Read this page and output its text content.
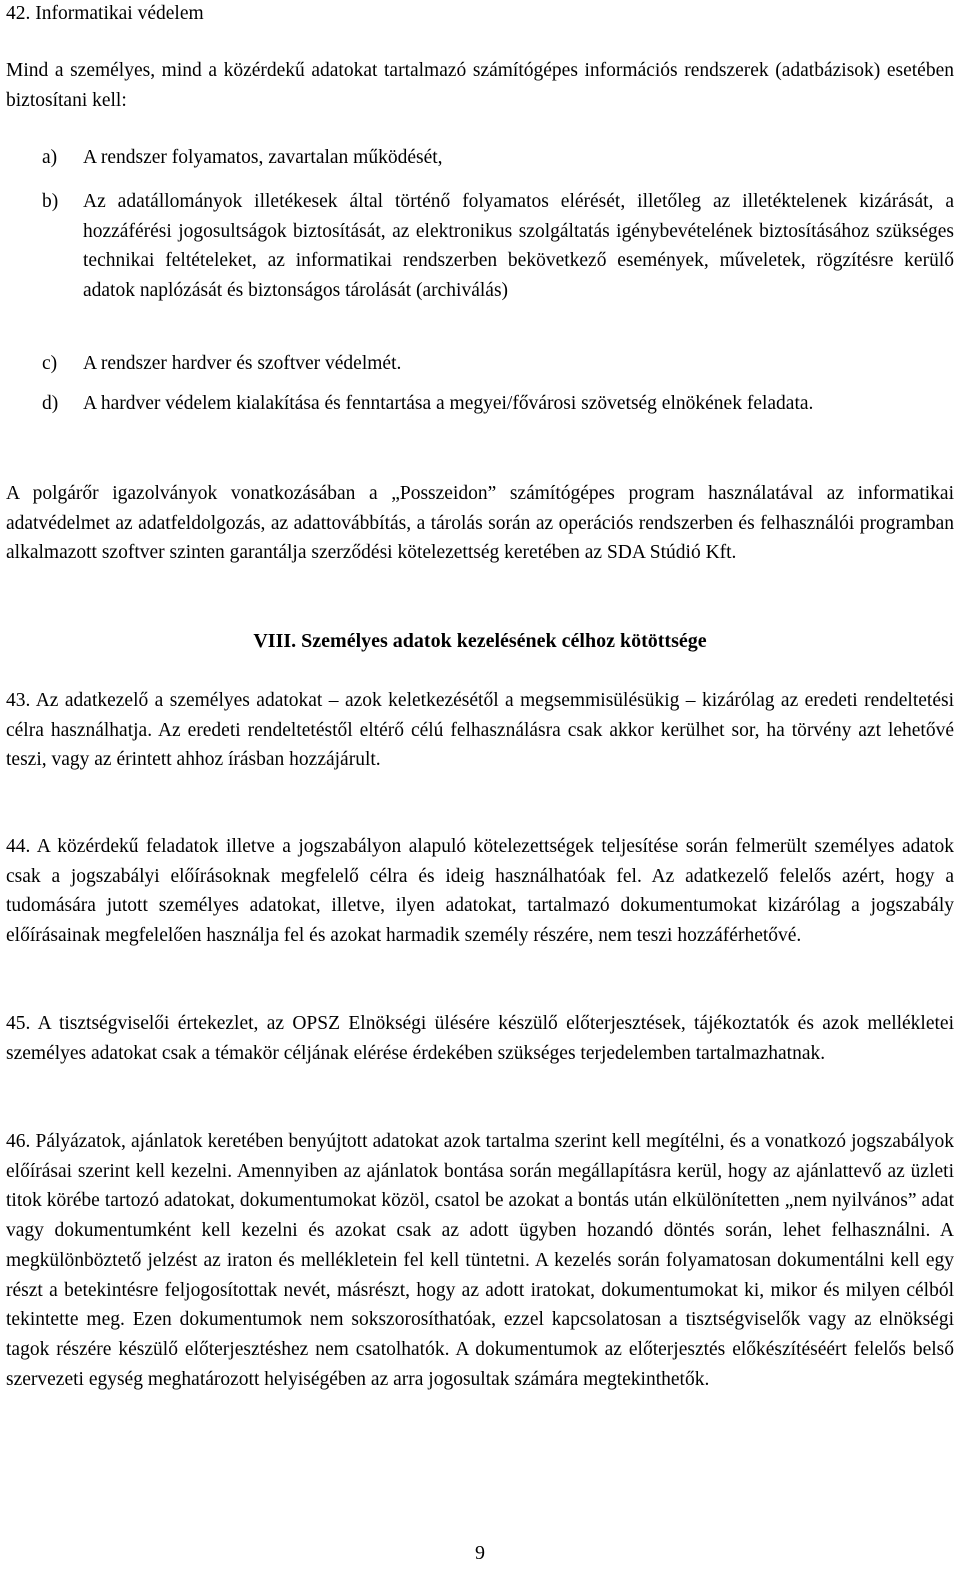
42. Informatikai védelem
Mind a személyes, mind a közérdekű adatokat tartalmazó számítógépes információs rendszerek (adatbázisok) esetében biztosítani kell:
a)	A rendszer folyamatos, zavartalan működését,
b)	Az adatállományok illetékesek által történő folyamatos elérését, illetőleg az illetéktelenek kizárását, a hozzáférési jogosultságok biztosítását, az elektronikus szolgáltatás igénybevételének biztosításához szükséges technikai feltételeket, az informatikai rendszerben bekövetkező események, műveletek, rögzítésre kerülő adatok naplózását és biztonságos tárolását (archiválás)
c)	A rendszer hardver és szoftver védelmét.
d)	A hardver védelem kialakítása és fenntartása a megyei/fővárosi szövetség elnökének feladata.
A polgárőr igazolványok vonatkozásában a „Posszeidon” számítógépes program használatával az informatikai adatvédelmet az adatfeldolgozás, az adattovábbítás, a tárolás során az operációs rendszerben és felhasználói programban alkalmazott szoftver szinten garantálja szerződési kötelezettség keretében az SDA Stúdió Kft.
43. Az adatkezelő a személyes adatokat – azok keletkezésétől a megsemmisülésükig – kizárólag az eredeti rendeltetési célra használhatja. Az eredeti rendeltetéstől eltérő célú felhasználásra csak akkor kerülhet sor, ha törvény azt lehetővé teszi, vagy az érintett ahhoz írásban hozzájárult.
44. A közérdekű feladatok illetve a jogszabályon alapuló kötelezettségek teljesítése során felmerült személyes adatok csak a jogszabályi előírásoknak megfelelő célra és ideig használhatóak fel. Az adatkezelő felelős azért, hogy a tudomására jutott személyes adatokat, illetve, ilyen adatokat, tartalmazó dokumentumokat kizárólag a jogszabály előírásainak megfelelően használja fel és azokat harmadik személy részére, nem teszi hozzáférhetővé.
45. A tisztségviselői értekezlet, az OPSZ Elnökségi ülésére készülő előterjesztések, tájékoztatók és azok mellékletei személyes adatokat csak a témakör céljának elérése érdekében szükséges terjedelemben tartalmazhatnak.
46. Pályázatok, ajánlatok keretében benyújtott adatokat azok tartalma szerint kell megítélni, és a vonatkozó jogszabályok előírásai szerint kell kezelni. Amennyiben az ajánlatok bontása során megállapításra kerül, hogy az ajánlattevő az üzleti titok körébe tartozó adatokat, dokumentumokat közöl, csatol be azokat a bontás után elkülönítetten „nem nyilvános” adat vagy dokumentumként kell kezelni és azokat csak az adott ügyben hozandó döntés során, lehet felhasználni. A megkülönböztető jelzést az iraton és mellékletein fel kell tüntetni. A kezelés során folyamatosan dokumentálni kell egy részt a betekintésre feljogosítottak nevét, másrészt, hogy az adott iratokat, dokumentumokat ki, mikor és milyen célból tekintette meg. Ezen dokumentumok nem sokszorosíthatóak, ezzel kapcsolatosan a tisztségviselők vagy az elnökségi tagok részére készülő előterjesztéshez nem csatolhatók. A dokumentumok az előterjesztés előkészítéséért felelős belső szervezeti egység meghatározott helyiségében az arra jogosultak számára megtekinthetők.
VIII. Személyes adatok kezelésének célhoz kötöttsége
9
